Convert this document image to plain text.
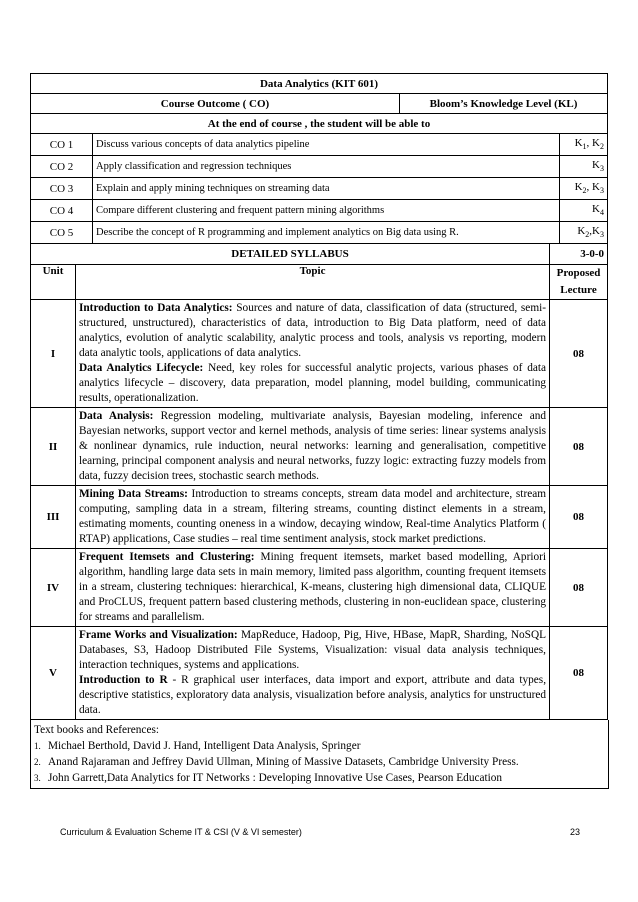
Data Analytics (KIT 601)
Course Outcome ( CO)	Bloom’s Knowledge Level (KL)
At the end of course , the student will be able to
CO 1	Discuss various concepts of data analytics pipeline	$K_1$, $K_2$
CO 2	Apply classification and regression techniques	$K_3$
CO 3	Explain and apply mining techniques on streaming data	$K_2$, $K_3$
CO 4	Compare different clustering and frequent pattern mining algorithms	$K_4$
CO 5	Describe the concept of R programming and implement analytics on Big data using R.	$K_2,K_3$
DETAILED SYLLABUS		3-0-0
Unit	Topic	Proposed Lecture
I	Introduction to Data Analytics: Sources and nature of data, classification of data (structured, semi-structured, unstructured), characteristics of data, introduction to Big Data platform, need of data analytics, evolution of analytic scalability, analytic process and tools, analysis vs reporting, modern data analytic tools, applications of data analytics.
Data Analytics Lifecycle: Need, key roles for successful analytic projects, various phases of data analytics lifecycle – discovery, data preparation, model planning, model building, communicating results, operationalization.	08
II	Data Analysis: Regression modeling, multivariate analysis, Bayesian modeling, inference and Bayesian networks, support vector and kernel methods, analysis of time series: linear systems analysis & nonlinear dynamics, rule induction, neural networks: learning and generalisation, competitive learning, principal component analysis and neural networks, fuzzy logic: extracting fuzzy models from data, fuzzy decision trees, stochastic search methods.	08
III	Mining Data Streams: Introduction to streams concepts, stream data model and architecture, stream computing, sampling data in a stream, filtering streams, counting distinct elements in a stream, estimating moments, counting oneness in a window, decaying window, Real-time Analytics Platform ( RTAP) applications, Case studies – real time sentiment analysis, stock market predictions.	08
IV	Frequent Itemsets and Clustering: Mining frequent itemsets, market based modelling, Apriori algorithm, handling large data sets in main memory, limited pass algorithm, counting frequent itemsets in a stream, clustering techniques: hierarchical, K-means, clustering high dimensional data, CLIQUE and ProCLUS, frequent pattern based clustering methods, clustering in non-euclidean space, clustering for streams and parallelism.	08
V	Frame Works and Visualization: MapReduce, Hadoop, Pig, Hive, HBase, MapR, Sharding, NoSQL Databases, S3, Hadoop Distributed File Systems, Visualization: visual data analysis techniques, interaction techniques, systems and applications.
Introduction to R - R graphical user interfaces, data import and export, attribute and data types, descriptive statistics, exploratory data analysis, visualization before analysis, analytics for unstructured data.	08
Text books and References:
1. Michael Berthold, David J. Hand, Intelligent Data Analysis, Springer
2. Anand Rajaraman and Jeffrey David Ullman, Mining of Massive Datasets, Cambridge University Press.
3. John Garrett,Data Analytics for IT Networks : Developing Innovative Use Cases, Pearson Education
Curriculum & Evaluation Scheme IT & CSI (V & VI semester)	23
